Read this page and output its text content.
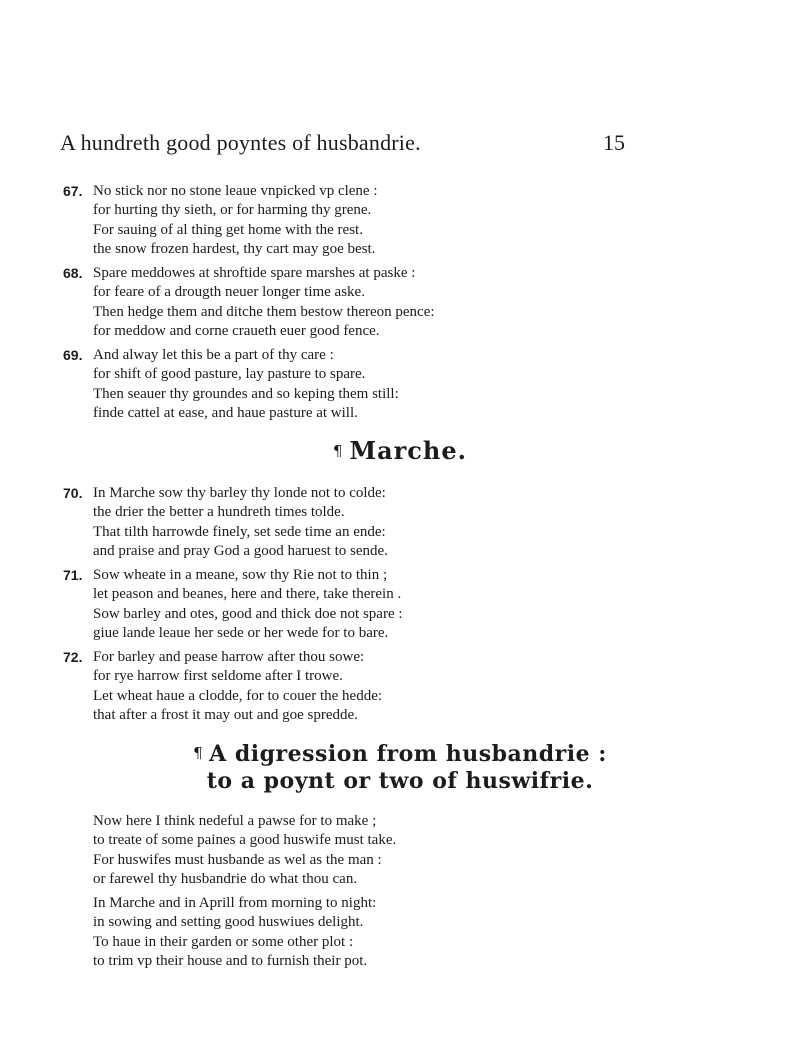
A hundreth good poyntes of husbandrie.	15
67. No stick nor no stone leaue vnpicked vp clene :
for hurting thy sieth, or for harming thy grene.
For sauing of al thing get home with the rest.
the snow frozen hardest, thy cart may goe best.
68. Spare meddowes at shroftide spare marshes at paske :
for feare of a drougth neuer longer time aske.
Then hedge them and ditche them bestow thereon pence:
for meddow and corne craueth euer good fence.
69. And alway let this be a part of thy care :
for shift of good pasture, lay pasture to spare.
Then seauer thy groundes and so keping them still:
finde cattel at ease, and haue pasture at will.
¶ Marche.
70. In Marche sow thy barley thy londe not to colde:
the drier the better a hundreth times tolde.
That tilth harrowde finely, set sede time an ende:
and praise and pray God a good haruest to sende.
71. Sow wheate in a meane, sow thy Rie not to thin ;
let peason and beanes, here and there, take therein .
Sow barley and otes, good and thick doe not spare :
giue lande leaue her sede or her wede for to bare.
72. For barley and pease harrow after thou sowe:
for rye harrow first seldome after I trowe.
Let wheat haue a clodde, for to couer the hedde:
that after a frost it may out and goe spredde.
¶ A digression from husbandrie :
to a poynt or two of huswifrie.
Now here I think nedeful a pawse for to make ;
to treate of some paines a good huswife must take.
For huswifes must husbande as wel as the man :
or farewel thy husbandrie do what thou can.
In Marche and in Aprill from morning to night:
in sowing and setting good huswiues delight.
To haue in their garden or some other plot :
to trim vp their house and to furnish their pot.
